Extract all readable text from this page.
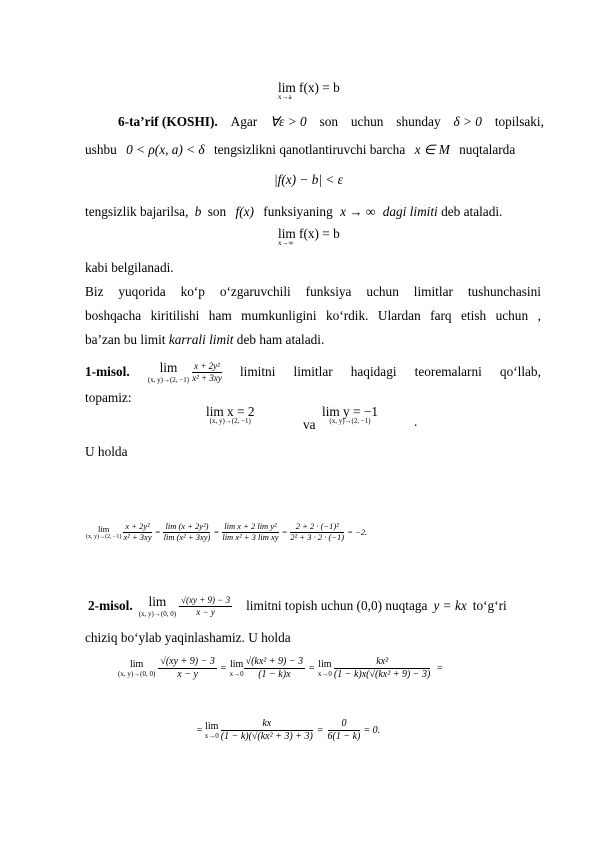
lim f(x) = b
x→a
6-ta’rif (KOSHI). Agar ∀ε > 0 son uchun shunday δ > 0 topilsaki,
ushbu 0 < ρ(x, a) < δ tengsizlikni qanotlantiruvchi barcha x ∈ M nuqtalarda
|f(x) − b| < ε
tengsizlik bajarilsa, b son f(x) funksiyaning x → ∞ dagi limiti deb ataladi.
lim f(x) = b
x→∞
kabi belgilanadi.
Biz yuqorida ko‘p o‘zgaruvchili funksiya uchun limitlar tushunchasini
boshqacha kiritilishi ham mumkunligini ko‘rdik. Ulardan farq etish uchun ,
ba’zan bu limit karrali limit deb ham ataladi.
1-misol.	lim
(x, y)→(2, $-1) \frac{\text{x + 2y²}}{\text{x² + 3xy}}$ limitni limitlar haqidagi teoremalarni qo‘llab,
topamiz:
lim x = 2
(x, y)→(2, −1)	va
lim y = −1
(x, y)→(2, −1)	.
U holda
lim
(x, y)→(2, $-1) \frac{\text{x + 2y²}}{\text{x² + 3xy}} = \frac{\text{lim (x + 2y²)}}{\text{lim (x² + 3xy)}} = \frac{\text{lim x + 2 lim y²}}{\text{lim x² + 3 lim xy}} = \frac{\text{2 + 2 · (−1)²}}{\text{2² + 3 · 2 · (−1)}} = -2$.
2-misol.	lim
(x, y)→(0, $0) \frac{√(xy + 9) - 3}{x - y}$ limitni topish uchun (0,0) nuqtaga y = kx to‘g‘ri
chiziq bo‘ylab yaqinlashamiz. U holda
lim
(x, y)→(0, $0) \frac{√(xy + 9) - 3}{x - y} = \lim$
$x\to 0 \frac{\text{√(kx² + 9) − 3}}{(1 - k)x} = \lim$
$x\to 0 \frac{\text{kx²}}{\text{(1 − k)x(√(kx² + 9) − 3)}}$ =
= lim
$x\to 0 \frac{kx}{\text{(1 − k)(√(kx² + 3) + 3)}} = \frac{0}{6(1 - k)} = 0$.
